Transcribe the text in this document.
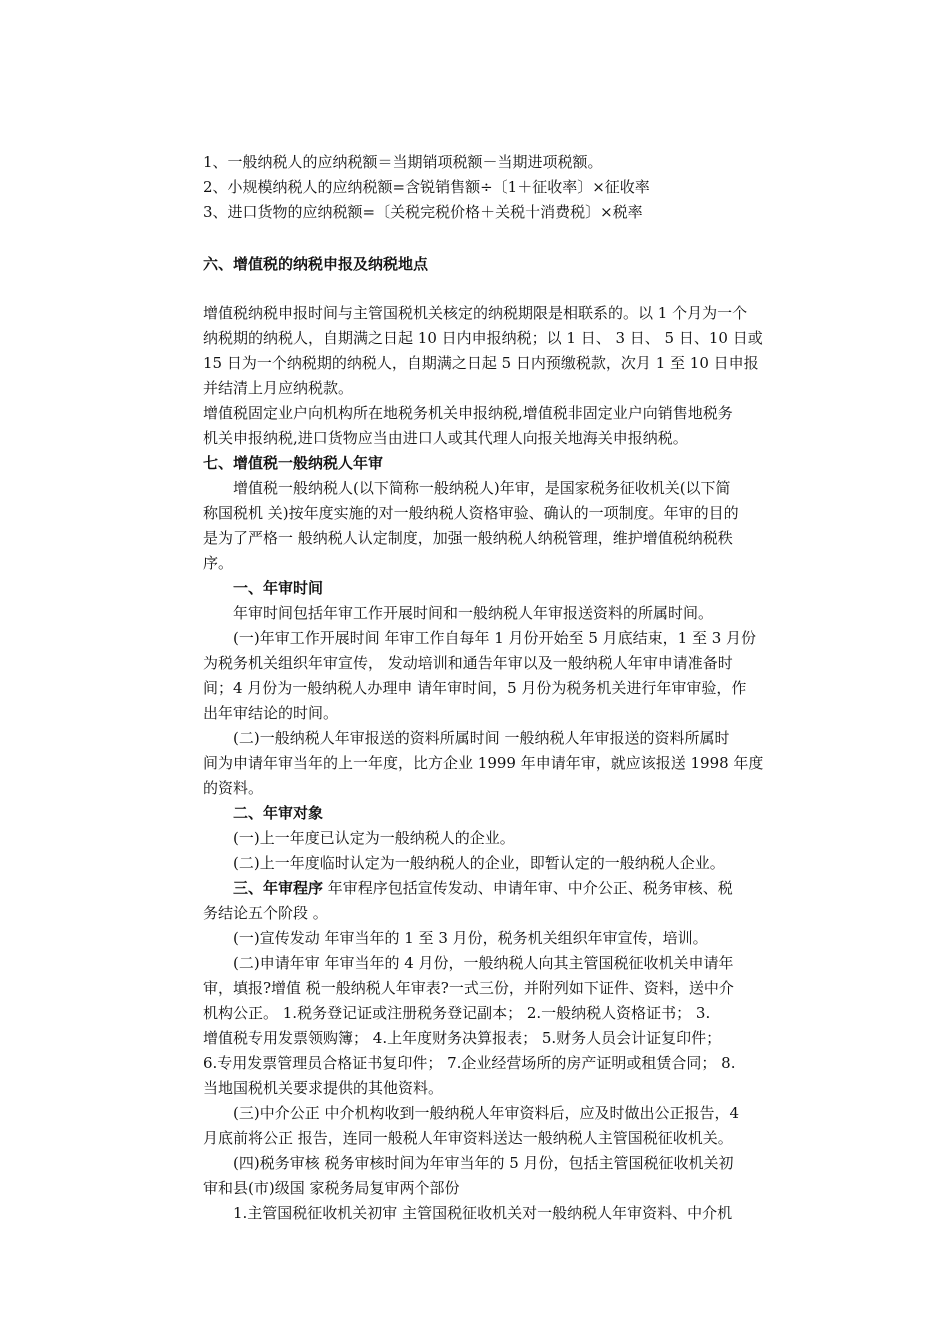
1、一般纳税人的应纳税额＝当期销项税额－当期进项税额。
2、小规模纳税人的应纳税额=含锐销售额÷〔1＋征收率〕×征收率
3、进口货物的应纳税额=〔关税完税价格＋关税十消费税〕×税率
六、增值税的纳税申报及纳税地点
增值税纳税申报时间与主管国税机关核定的纳税期限是相联系的。以 1 个月为一个
纳税期的纳税人，自期满之日起 10 日内申报纳税；以 1 日、 3 日、 5 日、10 日或
15 日为一个纳税期的纳税人，自期满之日起 5 日内预缴税款，次月 1 至 10 日申报
并结清上月应纳税款。
增值税固定业户向机构所在地税务机关申报纳税,增值税非固定业户向销售地税务
机关申报纳税,进口货物应当由进口人或其代理人向报关地海关申报纳税。
七、增值税一般纳税人年审
增值税一般纳税人(以下简称一般纳税人)年审，是国家税务征收机关(以下简
称国税机 关)按年度实施的对一般纳税人资格审验、确认的一项制度。年审的目的
是为了严格一 般纳税人认定制度，加强一般纳税人纳税管理，维护增值税纳税秩
序。
一、年审时间
年审时间包括年审工作开展时间和一般纳税人年审报送资料的所属时间。
(一)年审工作开展时间 年审工作自每年 1 月份开始至 5 月底结束，1 至 3 月份
为税务机关组织年审宣传， 发动培训和通告年审以及一般纳税人年审申请准备时
间；4 月份为一般纳税人办理申 请年审时间，5 月份为税务机关进行年审审验，作
出年审结论的时间。
(二)一般纳税人年审报送的资料所属时间 一般纳税人年审报送的资料所属时
间为申请年审当年的上一年度，比方企业 1999 年申请年审，就应该报送 1998 年度
的资料。
二、年审对象
(一)上一年度已认定为一般纳税人的企业。
(二)上一年度临时认定为一般纳税人的企业，即暂认定的一般纳税人企业。
三、年审程序 年审程序包括宣传发动、申请年审、中介公正、税务审核、税
务结论五个阶段 。
(一)宣传发动 年审当年的 1 至 3 月份，税务机关组织年审宣传，培训。
(二)申请年审 年审当年的 4 月份，一般纳税人向其主管国税征收机关申请年
审，填报?增值 税一般纳税人年审表?一式三份，并附列如下证件、资料，送中介
机构公正。 1.税务登记证或注册税务登记副本； 2.一般纳税人资格证书； 3.
增值税专用发票领购簿； 4.上年度财务决算报表； 5.财务人员会计证复印件；
6.专用发票管理员合格证书复印件； 7.企业经营场所的房产证明或租赁合同； 8.
当地国税机关要求提供的其他资料。
(三)中介公正 中介机构收到一般纳税人年审资料后，应及时做出公正报告，4
月底前将公正 报告，连同一般税人年审资料送达一般纳税人主管国税征收机关。
(四)税务审核 税务审核时间为年审当年的 5 月份，包括主管国税征收机关初
审和县(市)级国 家税务局复审两个部份
1.主管国税征收机关初审 主管国税征收机关对一般纳税人年审资料、中介机
